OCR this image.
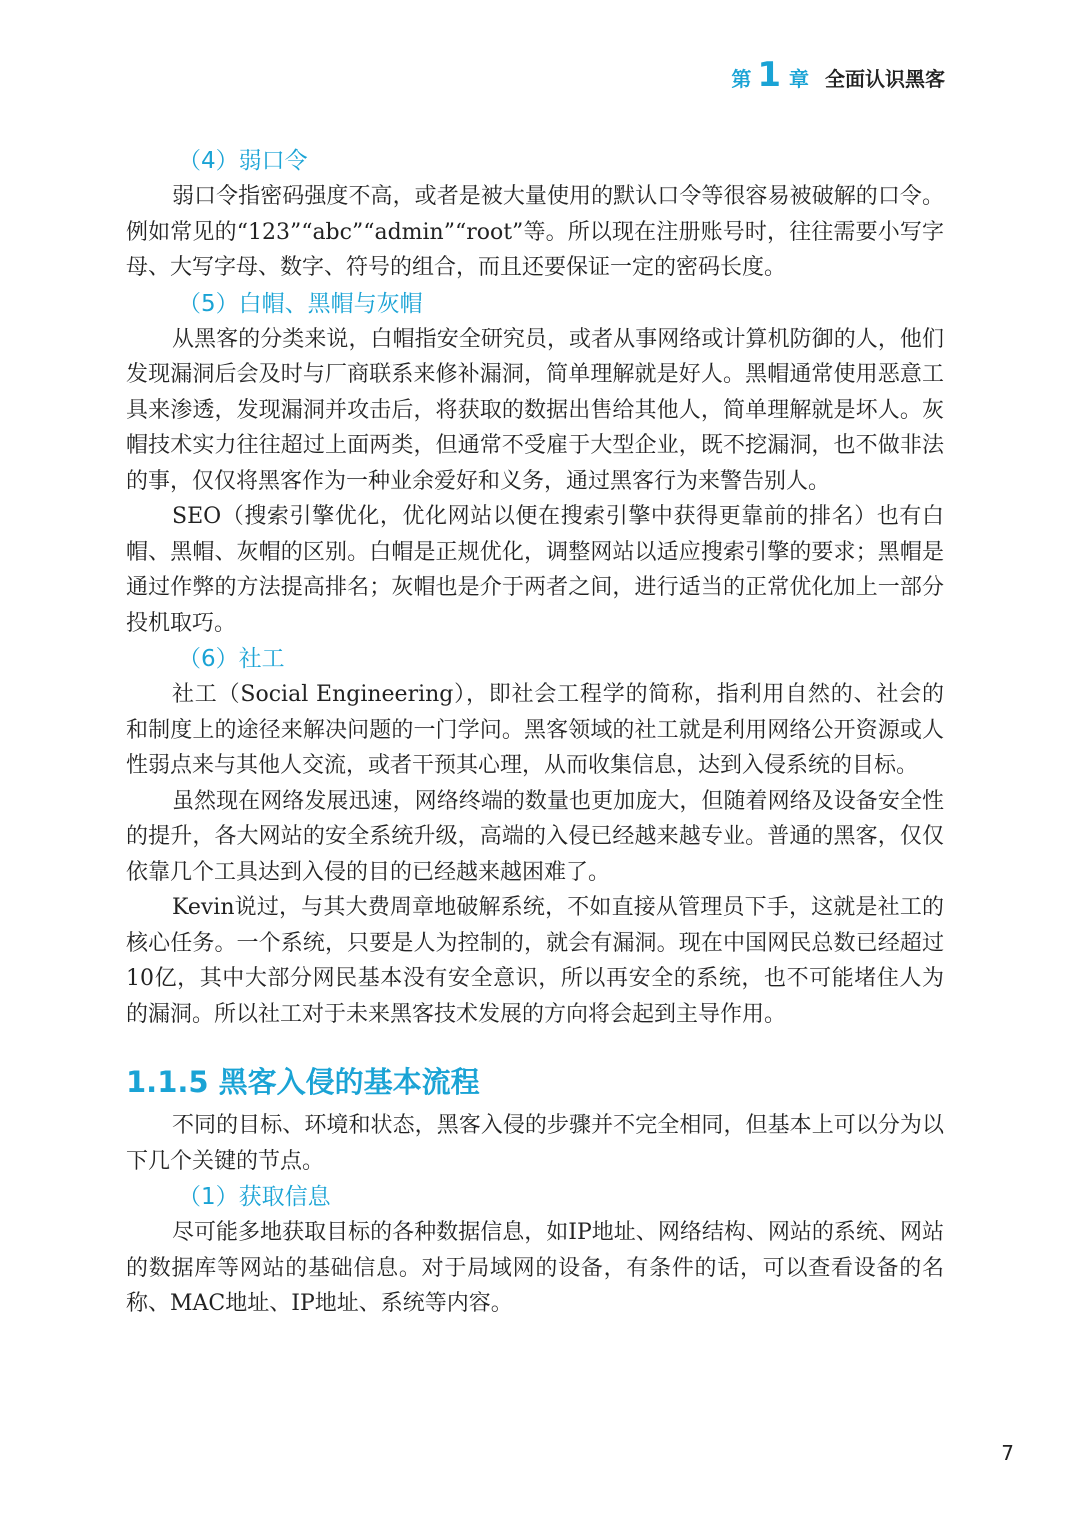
第 1 章 全面认识黑客
（4）弱口令

弱口令指密码强度不高，或者是被大量使用的默认口令等很容易被破解的口令。例如常见的“123”“abc”“admin”“root”等。所以现在注册账号时，往往需要小写字母、大写字母、数字、符号的组合，而且还要保证一定的密码长度。

（5）白帽、黑帽与灰帽

从黑客的分类来说，白帽指安全研究员，或者从事网络或计算机防御的人，他们发现漏洞后会及时与厂商联系来修补漏洞，简单理解就是好人。黑帽通常使用恶意工具来渗透，发现漏洞并攻击后，将获取的数据出售给其他人，简单理解就是坏人。灰帽技术实力往往超过上面两类，但通常不受雇于大型企业，既不挖漏洞，也不做非法的事，仅仅将黑客作为一种业余爱好和义务，通过黑客行为来警告别人。

SEO（搜索引擎优化，优化网站以便在搜索引擎中获得更靠前的排名）也有白帽、黑帽、灰帽的区别。白帽是正规优化，调整网站以适应搜索引擎的要求；黑帽是通过作弊的方法提高排名；灰帽也是介于两者之间，进行适当的正常优化加上一部分投机取巧。

（6）社工

社工（Social Engineering），即社会工程学的简称，指利用自然的、社会的和制度上的途径来解决问题的一门学问。黑客领域的社工就是利用网络公开资源或人性弱点来与其他人交流，或者干预其心理，从而收集信息，达到入侵系统的目标。

虽然现在网络发展迅速，网络终端的数量也更加庞大，但随着网络及设备安全性的提升，各大网站的安全系统升级，高端的入侵已经越来越专业。普通的黑客，仅仅依靠几个工具达到入侵的目的已经越来越困难了。

Kevin说过，与其大费周章地破解系统，不如直接从管理员下手，这就是社工的核心任务。一个系统，只要是人为控制的，就会有漏洞。现在中国网民总数已经超过10亿，其中大部分网民基本没有安全意识，所以再安全的系统，也不可能堵住人为的漏洞。所以社工对于未来黑客技术发展的方向将会起到主导作用。

1.1.5 黑客入侵的基本流程

不同的目标、环境和状态，黑客入侵的步骤并不完全相同，但基本上可以分为以下几个关键的节点。

（1）获取信息

尽可能多地获取目标的各种数据信息，如IP地址、网络结构、网站的系统、网站的数据库等网站的基础信息。对于局域网的设备，有条件的话，可以查看设备的名称、MAC地址、IP地址、系统等内容。

7
